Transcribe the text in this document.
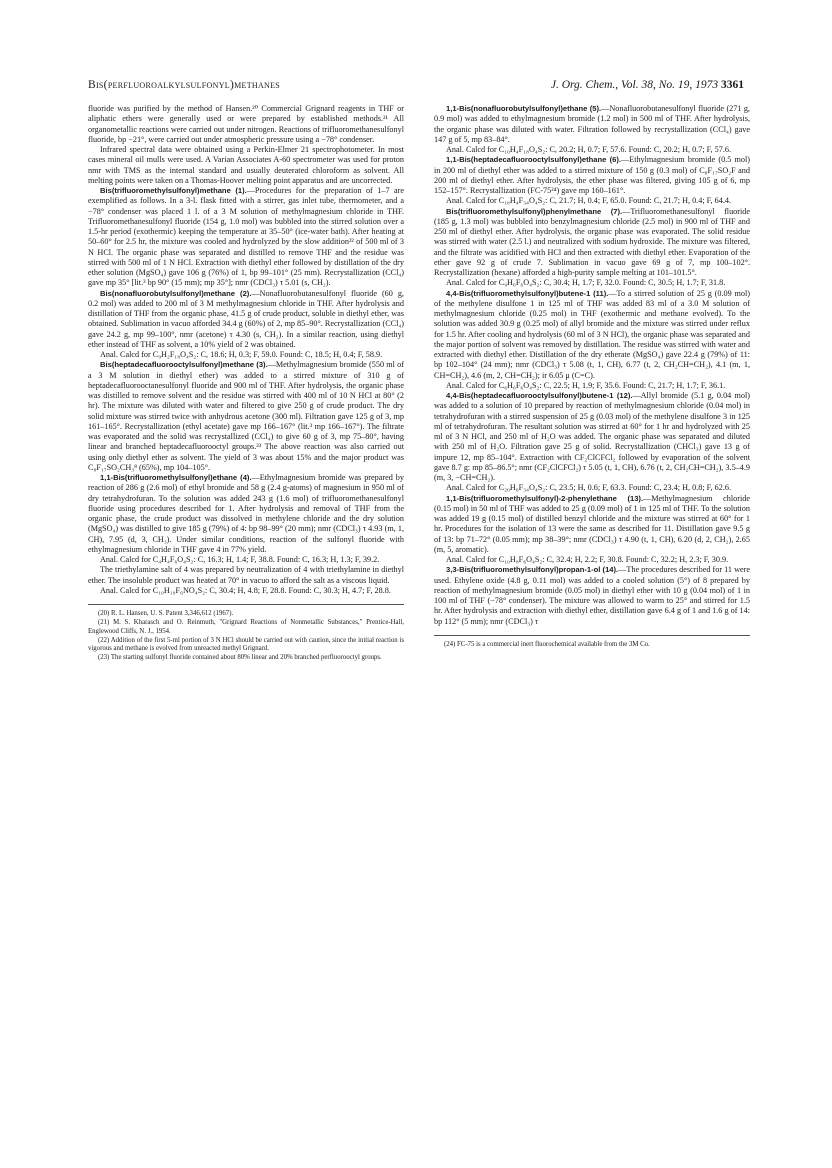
Bis(perfluoroalkylsulfonyl)methanes	J. Org. Chem., Vol. 38, No. 19, 1973 3361

fluoride was purified by the method of Hansen.²⁰ Commercial Grignard reagents in THF or aliphatic ethers were generally used or were prepared by established methods.²¹ All organometallic reactions were carried out under nitrogen. Reactions of trifluoromethanesulfonyl fluoride, bp −21°, were carried out under atmospheric pressure using a −78° condenser.

Infrared spectral data were obtained using a Perkin-Elmer 21 spectrophotometer. In most cases mineral oil mulls were used. A Varian Associates A-60 spectrometer was used for proton nmr with TMS as the internal standard and usually deuterated chloroform as solvent. All melting points were taken on a Thomas-Hoover melting point apparatus and are uncorrected.

Bis(trifluoromethylsulfonyl)methane (1).—Procedures for the preparation of 1–7 are exemplified as follows. In a 3-l. flask fitted with a stirrer, gas inlet tube, thermometer, and a −78° condenser was placed 1 l. of a 3 M solution of methylmagnesium chloride in THF. Trifluoromethanesulfonyl fluoride (154 g, 1.0 mol) was bubbled into the stirred solution over a 1.5-hr period (exothermic) keeping the temperature at 35–50° (ice-water bath). After heating at 50–60° for 2.5 hr, the mixture was cooled and hydrolyzed by the slow addition²² of 500 ml of 3 N HCl. The organic phase was separated and distilled to remove THF and the residue was stirred with 500 ml of 1 N HCl. Extraction with diethyl ether followed by distillation of the dry ether solution (MgSO₄) gave 106 g (76%) of 1, bp 99–101° (25 mm). Recrystallization (CCl₄) gave mp 35° [lit.³ bp 90° (15 mm); mp 35°]; nmr (CDCl₃) τ 5.01 (s, CH₂).

Bis(nonafluorobutylsulfonyl)methane (2).—Nonafluorobutanesulfonyl fluoride (60 g, 0.2 mol) was added to 200 ml of 3 M methylmagnesium chloride in THF. After hydrolysis and distillation of THF from the organic phase, 41.5 g of crude product, soluble in diethyl ether, was obtained. Sublimation in vacuo afforded 34.4 g (60%) of 2, mp 85–90°. Recrystallization (CCl₄) gave 24.2 g, mp 99–100°, nmr (acetone) τ 4.30 (s, CH₂). In a similar reaction, using diethyl ether instead of THF as solvent, a 10% yield of 2 was obtained.

Anal. Calcd for C₉H₂F₁₈O₄S₂: C, 18.6; H, 0.3; F, 59.0. Found: C, 18.5; H, 0.4; F, 58.9.

Bis(heptadecafluorooctylsulfonyl)methane (3).—Methylmagnesium bromide (550 ml of a 3 M solution in diethyl ether) was added to a stirred mixture of 310 g of heptadecafluorooctanesulfonyl fluoride and 900 ml of THF. After hydrolysis, the organic phase was distilled to remove solvent and the residue was stirred with 400 ml of 10 N HCl at 80° (2 hr). The mixture was diluted with water and filtered to give 250 g of crude product. The dry solid mixture was stirred twice with anhydrous acetone (300 ml). Filtration gave 125 g of 3, mp 161–165°. Recrystallization (ethyl acetate) gave mp 166–167° (lit.³ mp 166–167°). The filtrate was evaporated and the solid was recrystallized (CCl₄) to give 60 g of 3, mp 75–80°, having linear and branched heptadecafluorooctyl groups.²³ The above reaction was also carried out using only diethyl ether as solvent. The yield of 3 was about 15% and the major product was C₈F₁₇SO₂CH₃⁸ (65%), mp 104–105°.

1,1-Bis(trifluoromethylsulfonyl)ethane (4).—Ethylmagnesium bromide was prepared by reaction of 286 g (2.6 mol) of ethyl bromide and 58 g (2.4 g-atoms) of magnesium in 950 ml of dry tetrahydrofuran. To the solution was added 243 g (1.6 mol) of trifluoromethanesulfonyl fluoride using procedures described for 1. After hydrolysis and removal of THF from the organic phase, the crude product was dissolved in methylene chloride and the dry solution (MgSO₄) was distilled to give 185 g (79%) of 4: bp 98–99° (20 mm); nmr (CDCl₃) τ 4.93 (m, 1, CH), 7.95 (d, 3, CH₃). Under similar conditions, reaction of the sulfonyl fluoride with ethylmagnesium chloride in THF gave 4 in 77% yield.

Anal. Calcd for C₄H₄F₆O₄S₂: C, 16.3; H, 1.4; F, 38.8. Found: C, 16.3; H, 1.3; F, 39.2.

The triethylamine salt of 4 was prepared by neutralization of 4 with triethylamine in diethyl ether. The insoluble product was heated at 70° in vacuo to afford the salt as a viscous liquid.

Anal. Calcd for C₁₀H₁₉F₆NO₄S₂: C, 30.4; H, 4.8; F, 28.8. Found: C, 30.3; H, 4.7; F, 28.8.

(20) R. L. Hansen, U. S. Patent 3,346,612 (1967).

(21) M. S. Kharasch and O. Reinmuth, "Grignard Reactions of Nonmetallic Substances," Prentice-Hall, Englewood Cliffs, N. J., 1954.

(22) Addition of the first 5-ml portion of 3 N HCl should be carried out with caution, since the initial reaction is vigorous and methane is evolved from unreacted methyl Grignard.

(23) The starting sulfonyl fluoride contained about 80% linear and 20% branched perfluorooctyl groups.

1,1-Bis(nonafluorobutylsulfonyl)ethane (5).—Nonafluorobutanesulfonyl fluoride (271 g, 0.9 mol) was added to ethylmagnesium bromide (1.2 mol) in 500 ml of THF. After hydrolysis, the organic phase was diluted with water. Filtration followed by recrystallization (CCl₄) gave 147 g of 5, mp 83–84°.

Anal. Calcd for C₁₀H₄F₁₈O₄S₂: C, 20.2; H, 0.7; F, 57.6. Found: C, 20.2; H, 0.7; F, 57.6.

1,1-Bis(heptadecafluorooctylsulfonyl)ethane (6).—Ethylmagnesium bromide (0.5 mol) in 200 ml of diethyl ether was added to a stirred mixture of 150 g (0.3 mol) of C₈F₁₇SO₂F and 200 ml of diethyl ether. After hydrolysis, the ether phase was filtered, giving 105 g of 6, mp 152–157°. Recrystallization (FC-75²⁴) gave mp 160–161°.

Anal. Calcd for C₁₈H₄F₃₄O₄S₂: C, 21.7; H, 0.4; F, 65.0. Found: C, 21.7; H, 0.4; F, 64.4.

Bis(trifluoromethylsulfonyl)phenylmethane (7).—Trifluoromethanesulfonyl fluoride (185 g, 1.3 mol) was bubbled into benzylmagnesium chloride (2.5 mol) in 900 ml of THF and 250 ml of diethyl ether. After hydrolysis, the organic phase was evaporated. The solid residue was stirred with water (2.5 l.) and neutralized with sodium hydroxide. The mixture was filtered, and the filtrate was acidified with HCl and then extracted with diethyl ether. Evaporation of the ether gave 92 g of crude 7. Sublimation in vacuo gave 69 g of 7, mp 100–102°. Recrystallization (hexane) afforded a high-purity sample melting at 101–101.5°.

Anal. Calcd for C₉H₆F₆O₄S₂: C, 30.4; H, 1.7; F, 32.0. Found: C, 30.5; H, 1.7; F, 31.8.

4,4-Bis(trifluoromethylsulfonyl)butene-1 (11).—To a stirred solution of 25 g (0.09 mol) of the methylene disulfone 1 in 125 ml of THF was added 83 ml of a 3.0 M solution of methylmagnesium chloride (0.25 mol) in THF (exothermic and methane evolved). To the solution was added 30.9 g (0.25 mol) of allyl bromide and the mixture was stirred under reflux for 1.5 hr. After cooling and hydrolysis (60 ml of 3 N HCl), the organic phase was separated and the major portion of solvent was removed by distillation. The residue was stirred with water and extracted with diethyl ether. Distillation of the dry etherate (MgSO₄) gave 22.4 g (79%) of 11: bp 102–104° (24 mm); nmr (CDCl₃) τ 5.08 (t, 1, CH), 6.77 (t, 2, CH₂CH=CH₂), 4.1 (m, 1, CH=CH₂), 4.6 (m, 2, CH=CH₂); ir 6.05 μ (C=C).

Anal. Calcd for C₆H₆F₆O₄S₂: C, 22.5; H, 1.9; F, 35.6. Found: C, 21.7; H, 1.7; F, 36.1.

4,4-Bis(heptadecafluorooctylsulfonyl)butene-1 (12).—Allyl bromide (5.1 g, 0.04 mol) was added to a solution of 10 prepared by reaction of methylmagnesium chloride (0.04 mol) in tetrahydrofuran with a stirred suspension of 25 g (0.03 mol) of the methylene disulfone 3 in 125 ml of tetrahydrofuran. The resultant solution was stirred at 60° for 1 hr and hydrolyzed with 25 ml of 3 N HCl, and 250 ml of H₂O was added. The organic phase was separated and diluted with 250 ml of H₂O. Filtration gave 25 g of solid. Recrystallization (CHCl₃) gave 13 g of impure 12, mp 85–104°. Extraction with CF₂ClCFCl₂ followed by evaporation of the solvent gave 8.7 g: mp 85–86.5°; nmr (CF₂ClCFCl₂) τ 5.05 (t, 1, CH), 6.76 (t, 2, CH₂CH=CH₂), 3.5–4.9 (m, 3, −CH=CH₂).

Anal. Calcd for C₂₀H₆F₃₄O₄S₂: C, 23.5; H, 0.6; F, 63.3. Found: C, 23.4; H, 0.8; F, 62.6.

1,1-Bis(trifluoromethylsulfonyl)-2-phenylethane (13).—Methylmagnesium chloride (0.15 mol) in 50 ml of THF was added to 25 g (0.09 mol) of 1 in 125 ml of THF. To the solution was added 19 g (0.15 mol) of distilled benzyl chloride and the mixture was stirred at 60° for 1 hr. Procedures for the isolation of 13 were the same as described for 11. Distillation gave 9.5 g of 13: bp 71–72° (0.05 mm); mp 38–39°; nmr (CDCl₃) τ 4.90 (t, 1, CH), 6.20 (d, 2, CH₂), 2.65 (m, 5, aromatic).

Anal. Calcd for C₁₀H₈F₆O₄S₂: C, 32.4; H, 2.2; F, 30.8. Found: C, 32.2; H, 2.3; F, 30.9.

3,3-Bis(trifluoromethylsulfonyl)propan-1-ol (14).—The procedures described for 11 were used. Ethylene oxide (4.8 g, 0.11 mol) was added to a cooled solution (5°) of 8 prepared by reaction of methylmagnesium bromide (0.05 mol) in diethyl ether with 10 g (0.04 mol) of 1 in 100 ml of THF (−78° condenser). The mixture was allowed to warm to 25° and stirred for 1.5 hr. After hydrolysis and extraction with diethyl ether, distillation gave 6.4 g of 1 and 1.6 g of 14: bp 112° (5 mm); nmr (CDCl₃) τ

(24) FC-75 is a commercial inert fluorochemical available from the 3M Co.
